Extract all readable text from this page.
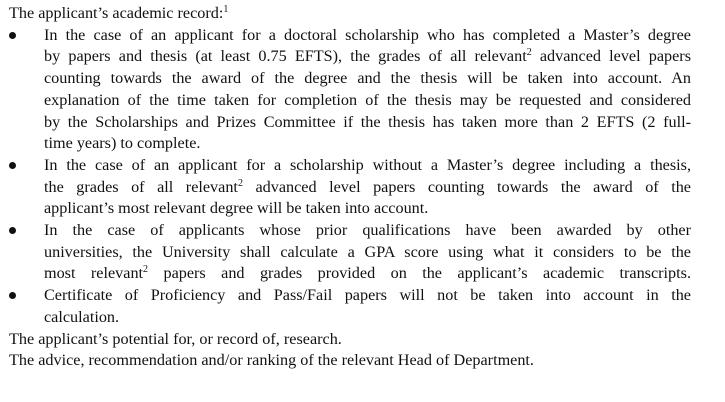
The applicant’s academic record:$^1$

In the case of an applicant for a doctoral scholarship who has completed a Master’s degree
by papers and thesis (at least 0.75 EFTS), the grades of all relevant$^2$ advanced level papers
counting towards the award of the degree and the thesis will be taken into account. An
explanation of the time taken for completion of the thesis may be requested and considered
by the Scholarships and Prizes Committee if the thesis has taken more than 2 EFTS (2 full-
time years) to complete.

In the case of an applicant for a scholarship without a Master’s degree including a thesis,
the grades of all relevant$^2$ advanced level papers counting towards the award of the
applicant’s most relevant degree will be taken into account.

In the case of applicants whose prior qualifications have been awarded by other
universities, the University shall calculate a GPA score using what it considers to be the
most relevant$^2$ papers and grades provided on the applicant’s academic transcripts.

Certificate of Proficiency and Pass/Fail papers will not be taken into account in the
calculation.

The applicant’s potential for, or record of, research.

The advice, recommendation and/or ranking of the relevant Head of Department.
